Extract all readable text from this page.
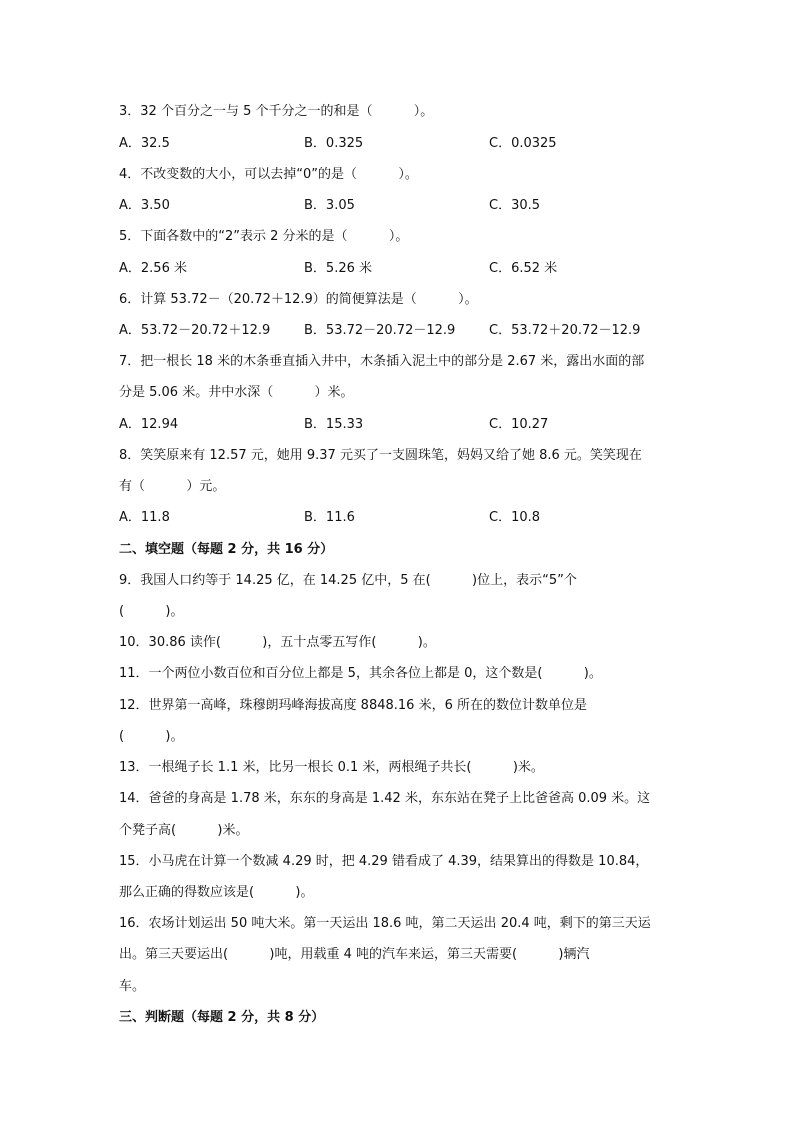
3．32 个百分之一与 5 个千分之一的和是（          ）。
A．32.5	B．0.325	C．0.0325
4．不改变数的大小，可以去掉“0”的是（          ）。
A．3.50	B．3.05	C．30.5
5．下面各数中的“2”表示 2 分米的是（          ）。
A．2.56 米	B．5.26 米	C．6.52 米
6．计算 53.72－（20.72＋12.9）的简便算法是（          ）。
A．53.72－20.72＋12.9	B．53.72－20.72－12.9	C．53.72＋20.72－12.9
7．把一根长 18 米的木条垂直插入井中，木条插入泥土中的部分是 2.67 米，露出水面的部
分是 5.06 米。井中水深（          ）米。
A．12.94	B．15.33	C．10.27
8．笑笑原来有 12.57 元，她用 9.37 元买了一支圆珠笔，妈妈又给了她 8.6 元。笑笑现在
有（          ）元。
A．11.8	B．11.6	C．10.8
二、填空题（每题 2 分，共 16 分）
9．我国人口约等于 14.25 亿，在 14.25 亿中，5 在(          )位上，表示“5”个
(          )。
10．30.86 读作(          )，五十点零五写作(          )。
11．一个两位小数百位和百分位上都是 5，其余各位上都是 0，这个数是(          )。
12．世界第一高峰，珠穆朗玛峰海拔高度 8848.16 米，6 所在的数位计数单位是
(          )。
13．一根绳子长 1.1 米，比另一根长 0.1 米，两根绳子共长(          )米。
14．爸爸的身高是 1.78 米，东东的身高是 1.42 米，东东站在凳子上比爸爸高 0.09 米。这
个凳子高(          )米。
15．小马虎在计算一个数减 4.29 时，把 4.29 错看成了 4.39，结果算出的得数是 10.84，
那么正确的得数应该是(          )。
16．农场计划运出 50 吨大米。第一天运出 18.6 吨，第二天运出 20.4 吨，剩下的第三天运
出。第三天要运出(          )吨，用载重 4 吨的汽车来运，第三天需要(          )辆汽
车。
三、判断题（每题 2 分，共 8 分）
